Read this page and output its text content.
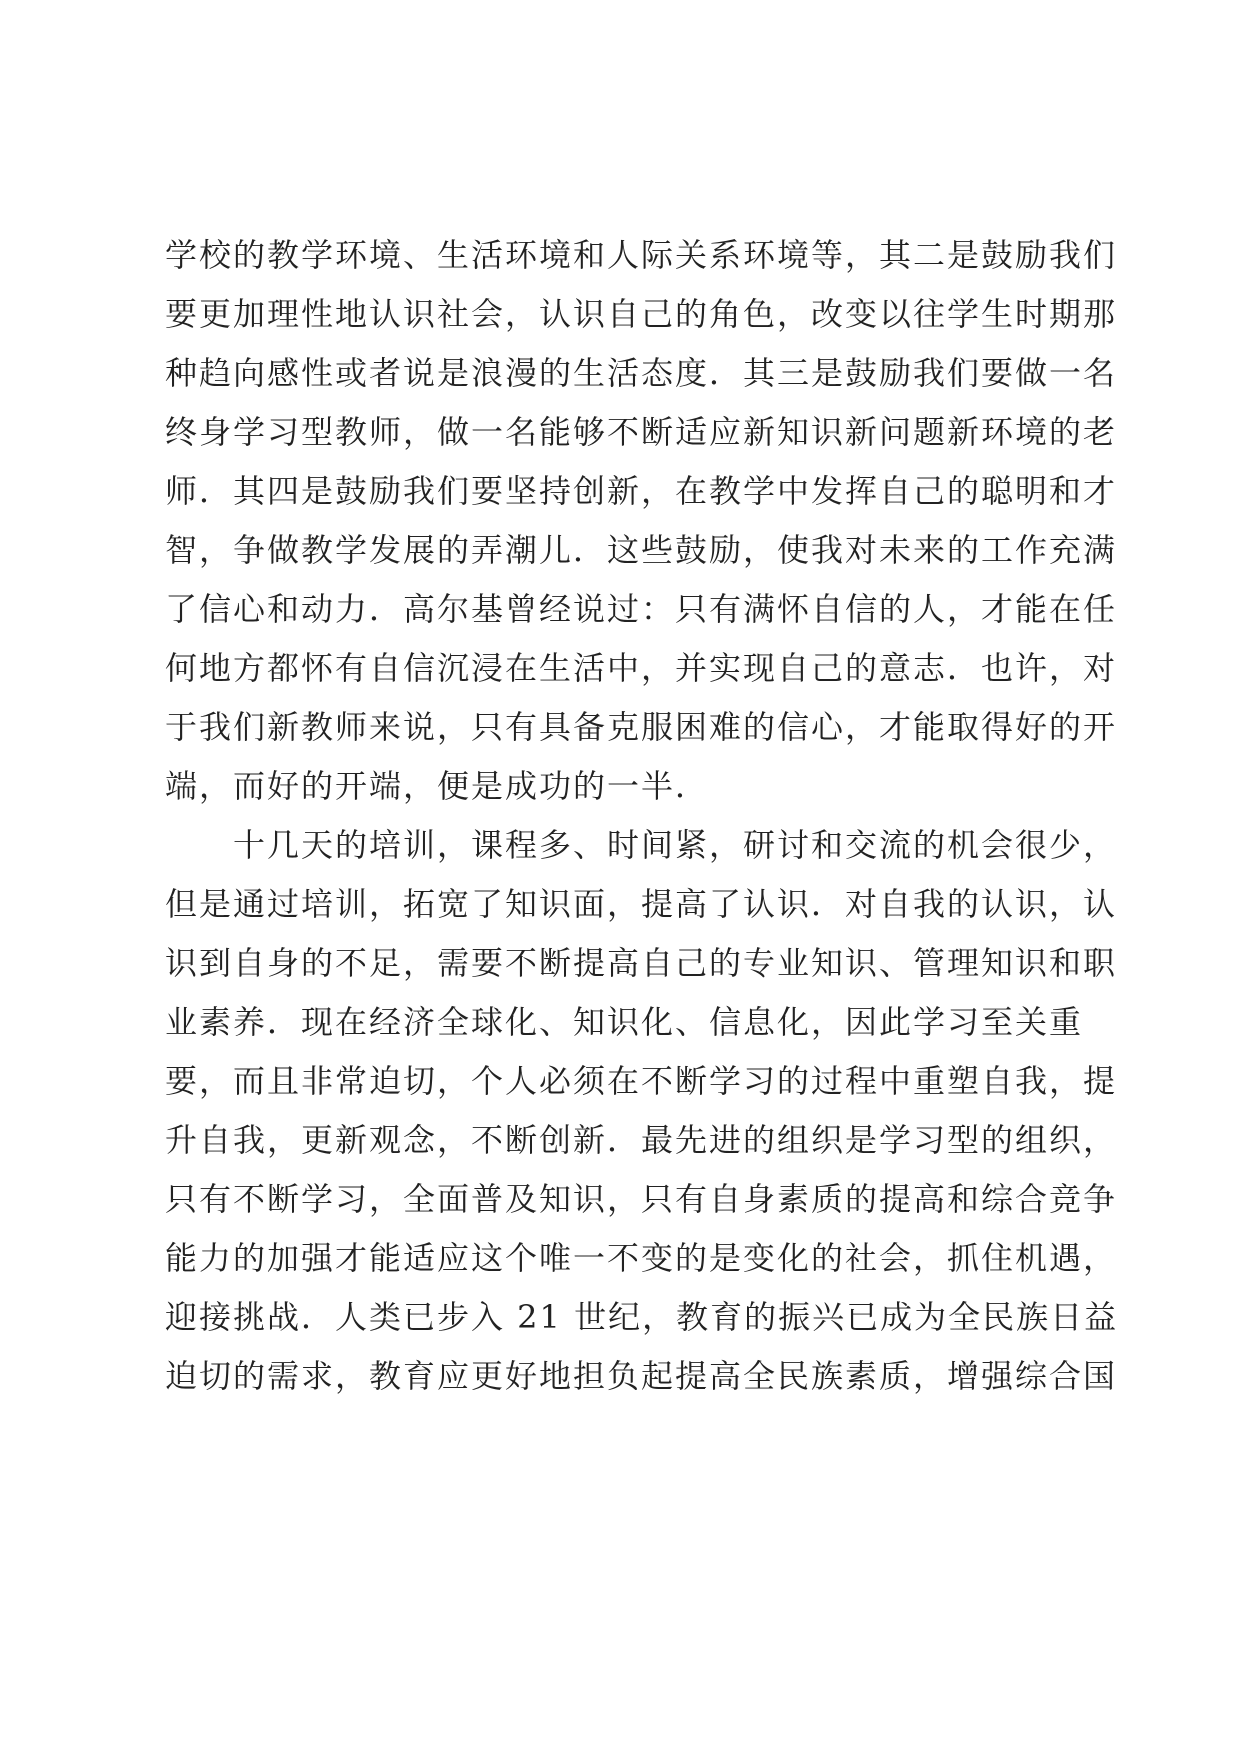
学校的教学环境、生活环境和人际关系环境等，其二是鼓励我们
要更加理性地认识社会，认识自己的角色，改变以往学生时期那
种趋向感性或者说是浪漫的生活态度．其三是鼓励我们要做一名
终身学习型教师，做一名能够不断适应新知识新问题新环境的老
师．其四是鼓励我们要坚持创新，在教学中发挥自己的聪明和才
智，争做教学发展的弄潮儿．这些鼓励，使我对未来的工作充满
了信心和动力．高尔基曾经说过：只有满怀自信的人，才能在任
何地方都怀有自信沉浸在生活中，并实现自己的意志．也许，对
于我们新教师来说，只有具备克服困难的信心，才能取得好的开
端，而好的开端，便是成功的一半．
十几天的培训，课程多、时间紧，研讨和交流的机会很少，
但是通过培训，拓宽了知识面，提高了认识．对自我的认识，认
识到自身的不足，需要不断提高自己的专业知识、管理知识和职
业素养．现在经济全球化、知识化、信息化，因此学习至关重
要，而且非常迫切，个人必须在不断学习的过程中重塑自我，提
升自我，更新观念，不断创新．最先进的组织是学习型的组织，
只有不断学习，全面普及知识，只有自身素质的提高和综合竞争
能力的加强才能适应这个唯一不变的是变化的社会，抓住机遇，
迎接挑战．人类已步入 21 世纪，教育的振兴已成为全民族日益
迫切的需求，教育应更好地担负起提高全民族素质，增强综合国
